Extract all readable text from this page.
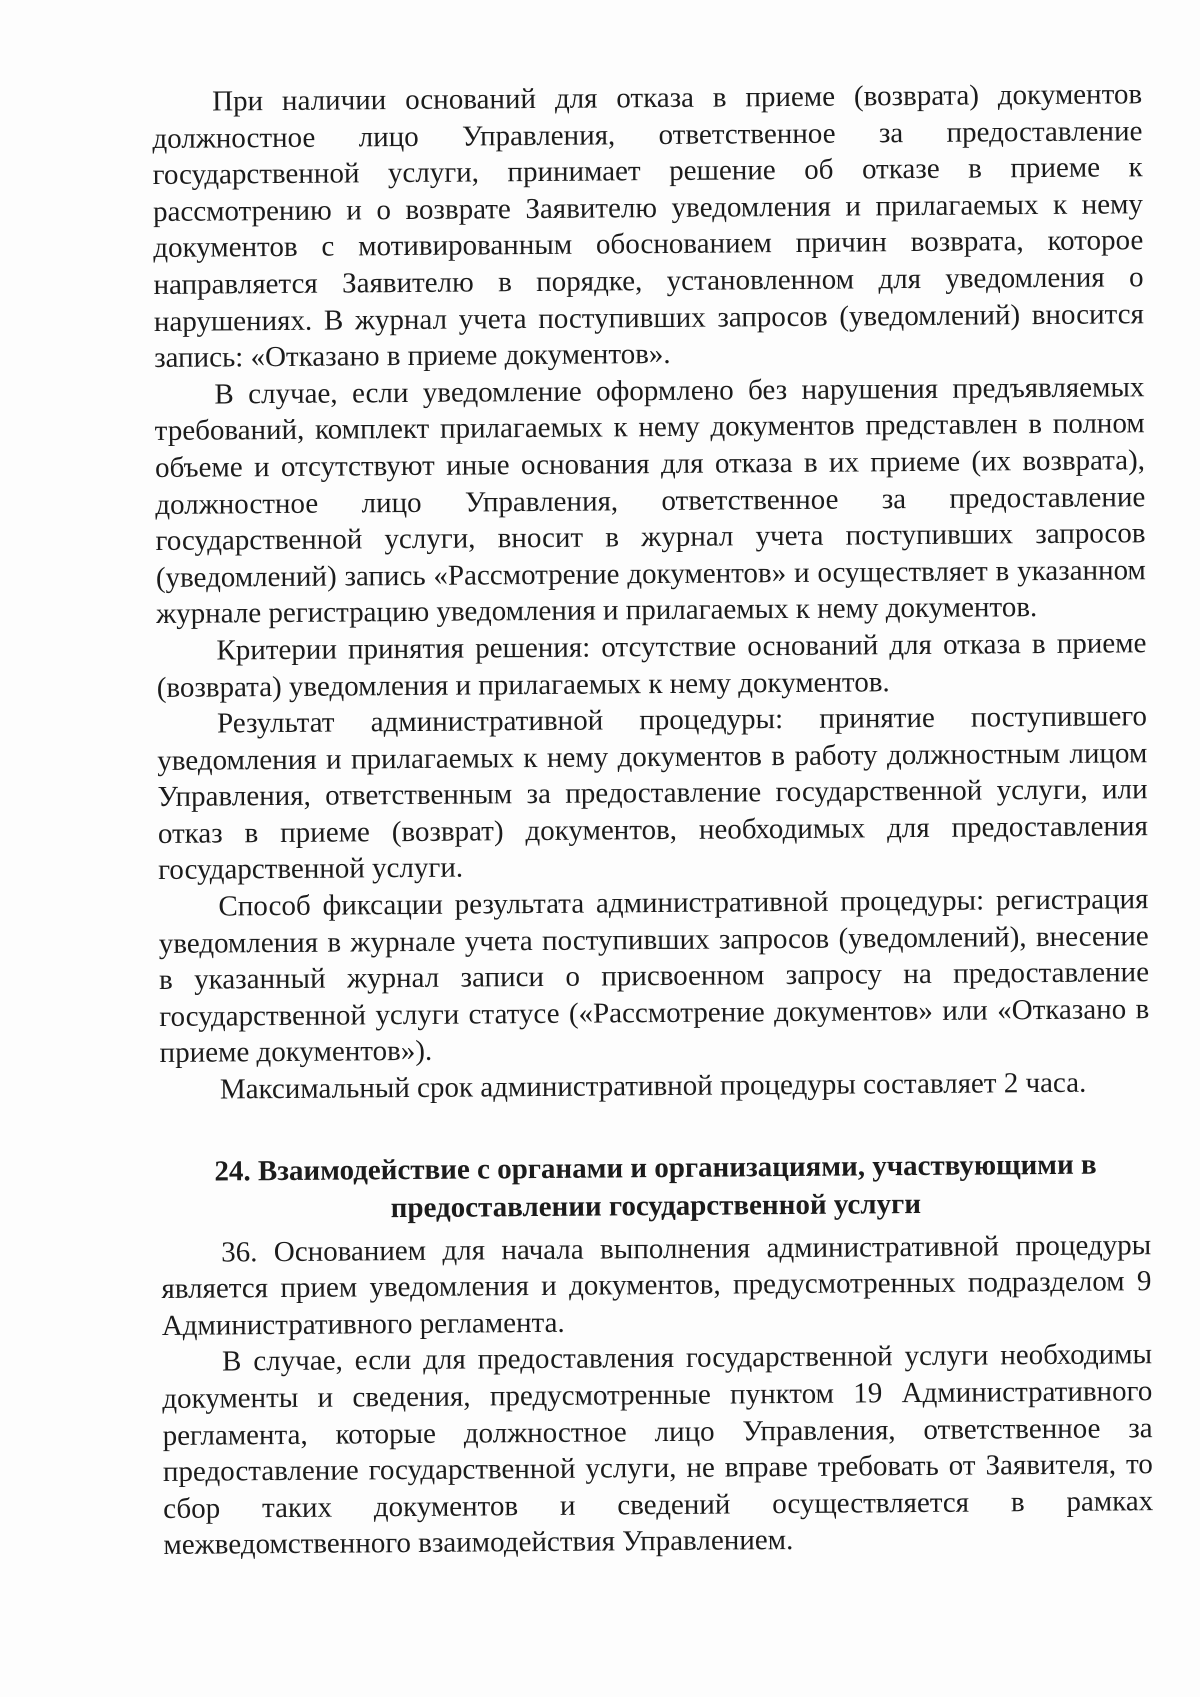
При наличии оснований для отказа в приеме (возврата) документов должностное лицо Управления, ответственное за предоставление государственной услуги, принимает решение об отказе в приеме к рассмотрению и о возврате Заявителю уведомления и прилагаемых к нему документов с мотивированным обоснованием причин возврата, которое направляется Заявителю в порядке, установленном для уведомления о нарушениях. В журнал учета поступивших запросов (уведомлений) вносится запись: «Отказано в приеме документов».

В случае, если уведомление оформлено без нарушения предъявляемых требований, комплект прилагаемых к нему документов представлен в полном объеме и отсутствуют иные основания для отказа в их приеме (их возврата), должностное лицо Управления, ответственное за предоставление государственной услуги, вносит в журнал учета поступивших запросов (уведомлений) запись «Рассмотрение документов» и осуществляет в указанном журнале регистрацию уведомления и прилагаемых к нему документов.

Критерии принятия решения: отсутствие оснований для отказа в приеме (возврата) уведомления и прилагаемых к нему документов.

Результат административной процедуры: принятие поступившего уведомления и прилагаемых к нему документов в работу должностным лицом Управления, ответственным за предоставление государственной услуги, или отказ в приеме (возврат) документов, необходимых для предоставления государственной услуги.

Способ фиксации результата административной процедуры: регистрация уведомления в журнале учета поступивших запросов (уведомлений), внесение в указанный журнал записи о присвоенном запросу на предоставление государственной услуги статусе («Рассмотрение документов» или «Отказано в приеме документов»).

Максимальный срок административной процедуры составляет 2 часа.

24. Взаимодействие с органами и организациями, участвующими в предоставлении государственной услуги

36. Основанием для начала выполнения административной процедуры является прием уведомления и документов, предусмотренных подразделом 9 Административного регламента.

В случае, если для предоставления государственной услуги необходимы документы и сведения, предусмотренные пунктом 19 Административного регламента, которые должностное лицо Управления, ответственное за предоставление государственной услуги, не вправе требовать от Заявителя, то сбор таких документов и сведений осуществляется в рамках межведомственного взаимодействия Управлением.
